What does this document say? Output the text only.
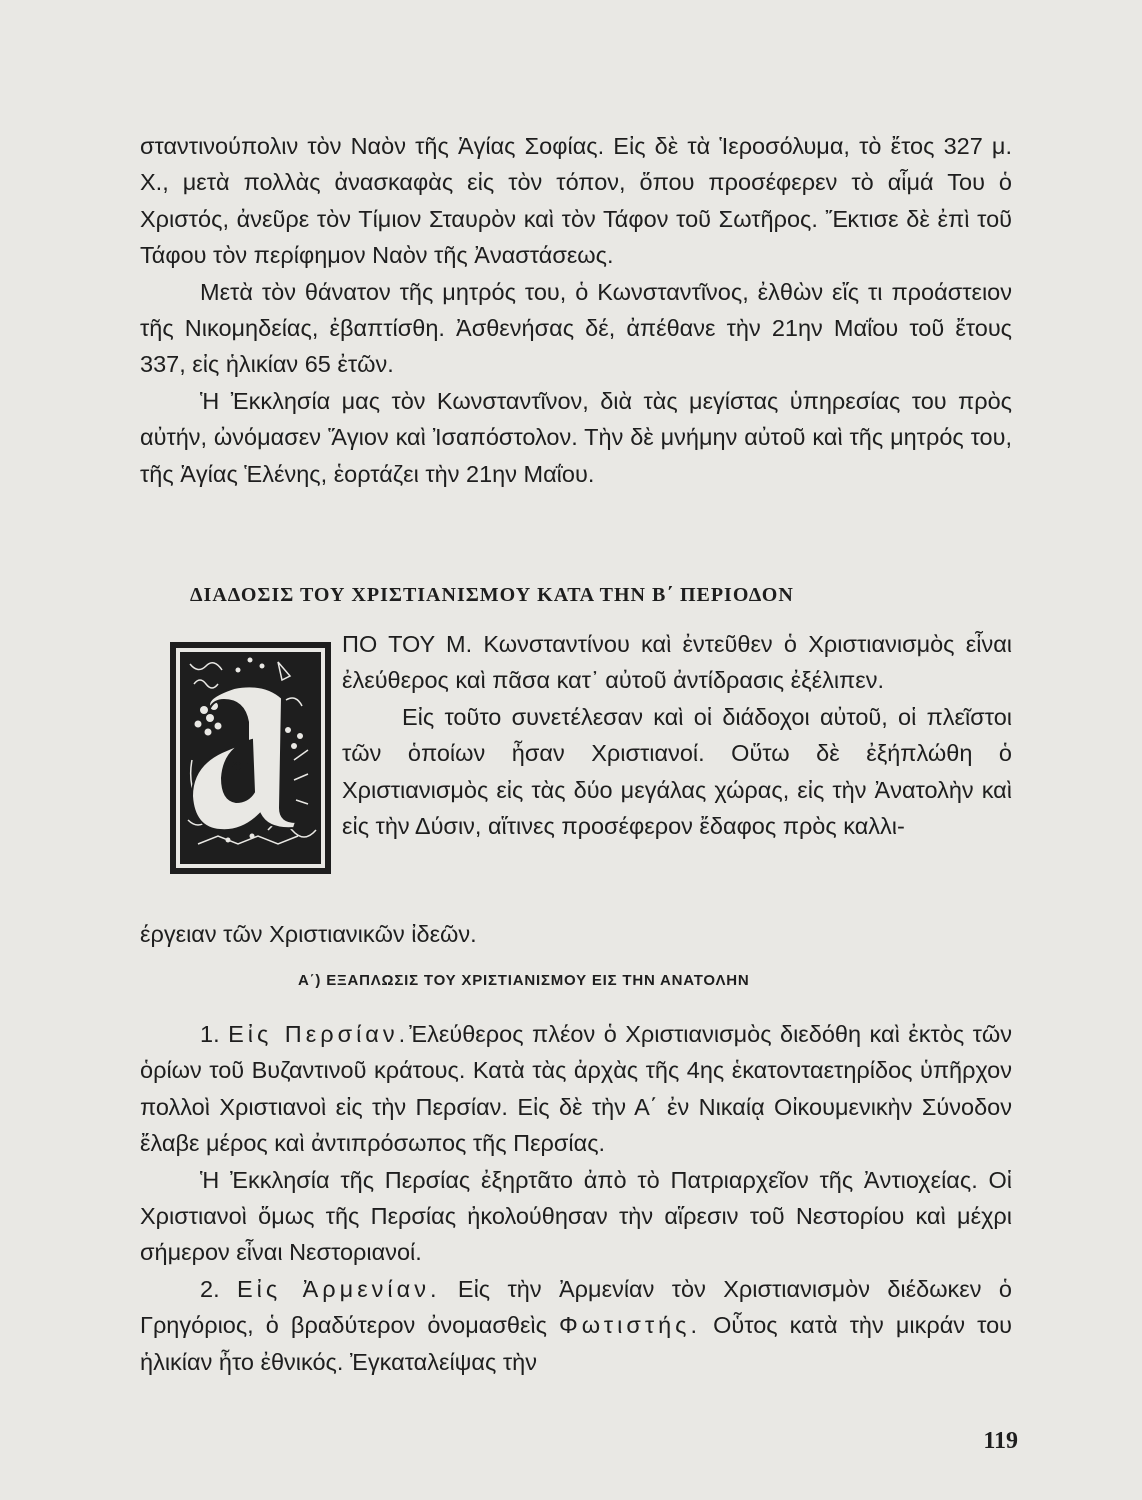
σταντινούπολιν τὸν Ναὸν τῆς Ἁγίας Σοφίας. Εἰς δὲ τὰ Ἱεροσόλυμα, τὸ ἔτος 327 μ. Χ., μετὰ πολλὰς ἀνασκαφὰς εἰς τὸν τόπον, ὅπου προσέφερεν τὸ αἷμά Του ὁ Χριστός, ἀνεῦρε τὸν Τίμιον Σταυρὸν καὶ τὸν Τάφον τοῦ Σωτῆρος. Ἔκτισε δὲ ἐπὶ τοῦ Τάφου τὸν περίφημον Ναὸν τῆς Ἀναστάσεως.

Μετὰ τὸν θάνατον τῆς μητρός του, ὁ Κωνσταντῖνος, ἐλθὼν εἴς τι προάστειον τῆς Νικομηδείας, ἐβαπτίσθη. Ἀσθενήσας δέ, ἀπέθανε τὴν 21ην Μαΐου τοῦ ἔτους 337, εἰς ἡλικίαν 65 ἐτῶν.

Ἡ Ἐκκλησία μας τὸν Κωνσταντῖνον, διὰ τὰς μεγίστας ὑπηρεσίας του πρὸς αὐτήν, ὠνόμασεν Ἅγιον καὶ Ἰσαπόστολον. Τὴν δὲ μνήμην αὐτοῦ καὶ τῆς μητρός του, τῆς Ἁγίας Ἑλένης, ἑορτάζει τὴν 21ην Μαΐου.

ΔΙΑΔΟΣΙΣ ΤΟΥ ΧΡΙΣΤΙΑΝΙΣΜΟΥ ΚΑΤΑ ΤΗΝ Β΄ ΠΕΡΙΟΔΟΝ

ΠΟ ΤΟΥ Μ. Κωνσταντίνου καὶ ἐντεῦθεν ὁ Χριστιανισμὸς εἶναι ἐλεύθερος καὶ πᾶσα κατ᾽ αὐτοῦ ἀντίδρασις ἐξέλιπεν.

Εἰς τοῦτο συνετέλεσαν καὶ οἱ διάδοχοι αὐτοῦ, οἱ πλεῖστοι τῶν ὁποίων ἦσαν Χριστιανοί. Οὕτω δὲ ἐξήπλώθη ὁ Χριστιανισμὸς εἰς τὰς δύο μεγάλας χώρας, εἰς τὴν Ἀνατολὴν καὶ εἰς τὴν Δύσιν, αἵτινες προσέφερον ἔδαφος πρὸς καλλι-

έργειαν τῶν Χριστιανικῶν ἰδεῶν.

Α΄) ΕΞΑΠΛΩΣΙΣ ΤΟΥ ΧΡΙΣΤΙΑΝΙΣΜΟΥ ΕΙΣ ΤΗΝ ΑΝΑΤΟΛΗΝ

1. Εἰς Περσίαν.Ἐλεύθερος πλέον ὁ Χριστιανισμὸς διεδόθη καὶ ἐκτὸς τῶν ὁρίων τοῦ Βυζαντινοῦ κράτους. Κατὰ τὰς ἀρχὰς τῆς 4ης ἑκατονταετηρίδος ὑπῆρχον πολλοὶ Χριστιανοὶ εἰς τὴν Περσίαν. Εἰς δὲ τὴν Α΄ ἐν Νικαίᾳ Οἰκουμενικὴν Σύνοδον ἔλαβε μέρος καὶ ἀντιπρόσωπος τῆς Περσίας.

Ἡ Ἐκκλησία τῆς Περσίας ἐξηρτᾶτο ἀπὸ τὸ Πατριαρχεῖον τῆς Ἀντιοχείας. Οἱ Χριστιανοὶ ὅμως τῆς Περσίας ἠκολούθησαν τὴν αἵρεσιν τοῦ Νεστορίου καὶ μέχρι σήμερον εἶναι Νεστοριανοί.

2. Εἰς Ἀρμενίαν. Εἰς τὴν Ἀρμενίαν τὸν Χριστιανισμὸν διέδωκεν ὁ Γρηγόριος, ὁ βραδύτερον ὀνομασθεὶς Φωτιστής. Οὗτος κατὰ τὴν μικράν του ἡλικίαν ἦτο ἐθνικός. Ἐγκαταλείψας τὴν

119
